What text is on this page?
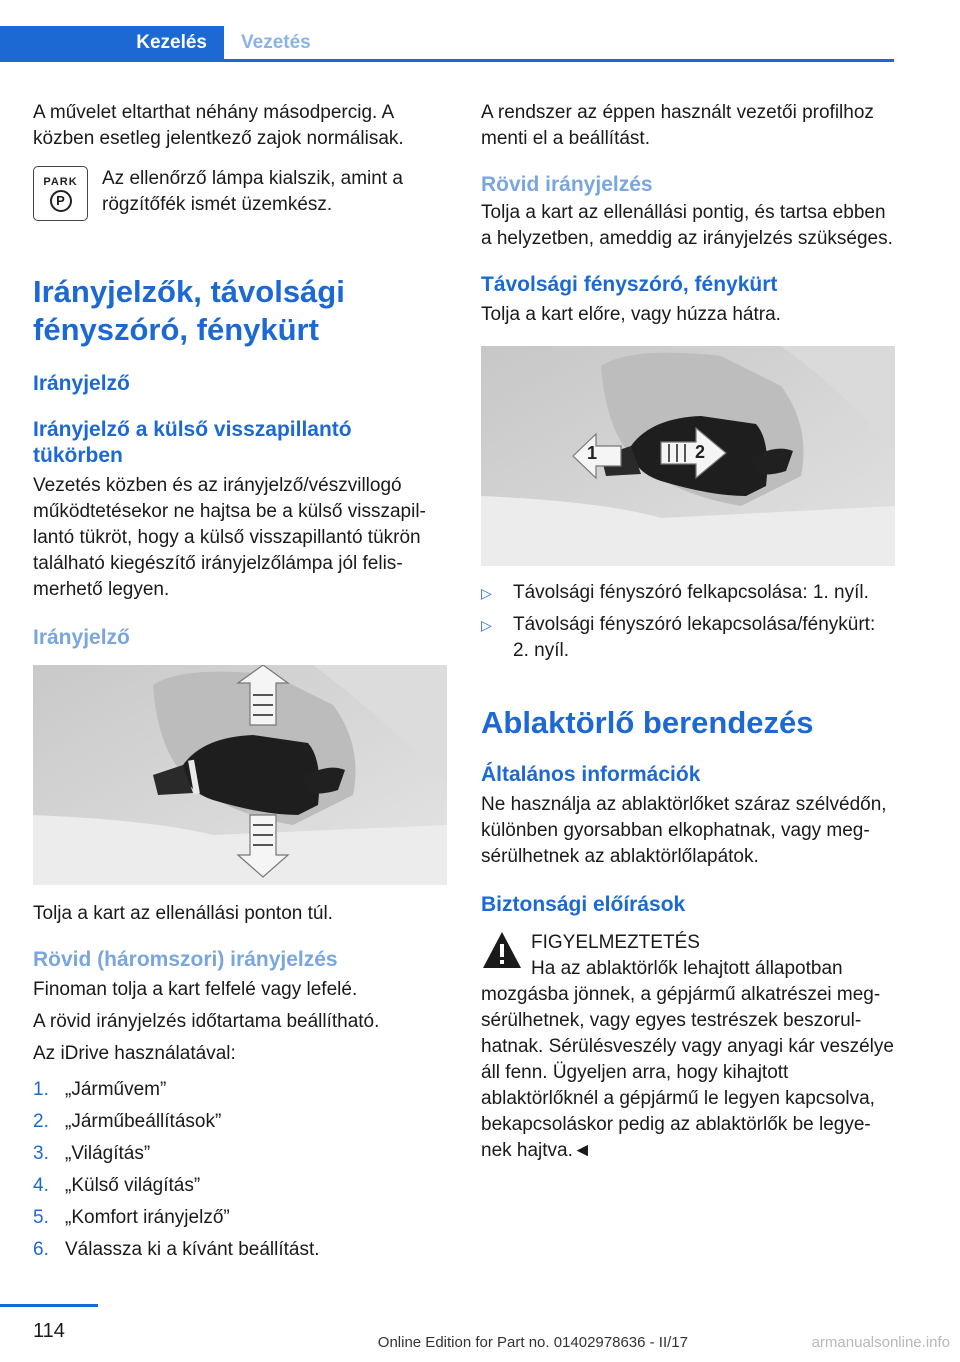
Kezelés	Vezetés

A művelet eltarthat néhány másodpercig. A közben esetleg jelentkező zajok normálisak.

PARK
P

Az ellenőrző lámpa kialszik, amint a rögzítőfék ismét üzemkész.

Irányjelzők, távolsági fényszóró, fénykürt
Irányjelző
Irányjelző a külső visszapillantó tükörben

Vezetés közben és az irányjelző/vészvillogó működtetésekor ne hajtsa be a külső visszapillantó tükröt, hogy a külső visszapillantó tükrön található kiegészítő irányjelzőlámpa jól felismerhető legyen.

Irányjelző

Tolja a kart az ellenállási ponton túl.

Rövid (háromszori) irányjelzés

Finoman tolja a kart felfelé vagy lefelé.

A rövid irányjelzés időtartama beállítható.

Az iDrive használatával:

1. „Járművem”
2. „Járműbeállítások”
3. „Világítás”
4. „Külső világítás”
5. „Komfort irányjelző”
6. Válassza ki a kívánt beállítást.

A rendszer az éppen használt vezetői profilhoz menti el a beállítást.

Rövid irányjelzés

Tolja a kart az ellenállási pontig, és tartsa ebben a helyzetben, ameddig az irányjelzés szükséges.

Távolsági fényszóró, fénykürt

Tolja a kart előre, vagy húzza hátra.

1	2
▷	Távolsági fényszóró felkapcsolása: 1. nyíl.
▷	Távolsági fényszóró lekapcsolása/fénykürt: 2. nyíl.
Ablaktörlő berendezés
Általános információk

Ne használja az ablaktörlőket száraz szélvédőn, különben gyorsabban elkophatnak, vagy megsérülhetnek az ablaktörlőlapátok.

Biztonsági előírások

FIGYELMEZTETÉS

Ha az ablaktörlők lehajtott állapotban

mozgásba jönnek, a gépjármű alkatrészei megsérülhetnek, vagy egyes testrészek beszorulhatnak. Sérülésveszély vagy anyagi kár veszélye áll fenn. Ügyeljen arra, hogy kihajtott ablaktörlőknél a gépjármű le legyen kapcsolva, bekapcsoláskor pedig az ablaktörlők be legyenek hajtva.◄

114
Online Edition for Part no. 01402978636 - II/17	armanualsonline.info
